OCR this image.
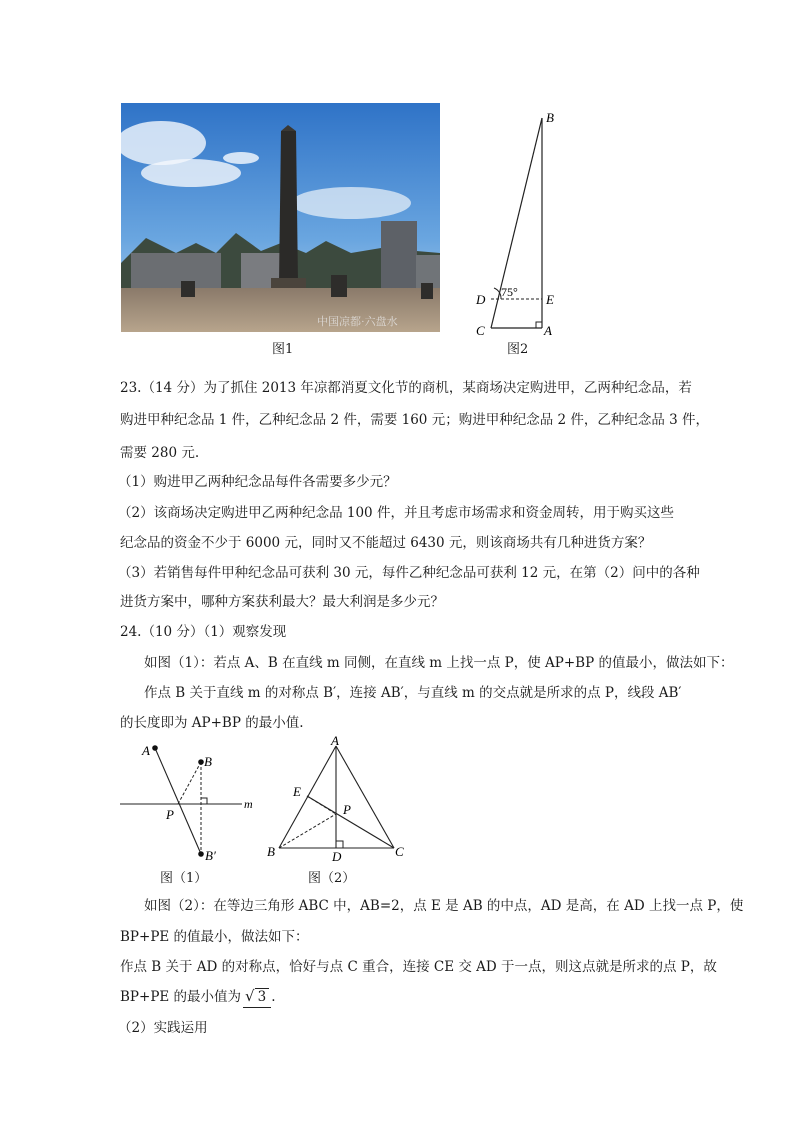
中国凉都·六盘水
图1
B
D 75° E
C	A
图2
23.（14 分）为了抓住 2013 年凉都消夏文化节的商机，某商场决定购进甲，乙两种纪念品，若
购进甲种纪念品 1 件，乙种纪念品 2 件，需要 160 元；购进甲种纪念品 2 件，乙种纪念品 3 件，
需要 280 元.
（1）购进甲乙两种纪念品每件各需要多少元？
（2）该商场决定购进甲乙两种纪念品 100 件，并且考虑市场需求和资金周转，用于购买这些
纪念品的资金不少于 6000 元，同时又不能超过 6430 元，则该商场共有几种进货方案？
（3）若销售每件甲种纪念品可获利 30 元，每件乙种纪念品可获利 12 元，在第（2）问中的各种
进货方案中，哪种方案获利最大？最大利润是多少元？
24.（10 分）（1）观察发现
如图（1）：若点 A、B 在直线 m 同侧，在直线 m 上找一点 P，使 AP+BP 的值最小，做法如下：
作点 B 关于直线 m 的对称点 B′，连接 AB′，与直线 m 的交点就是所求的点 P，线段 AB′
的长度即为 AP+BP 的最小值.
A
B
P
m
B′
图（1）
A
E
P
B	D	C
图（2）
如图（2）：在等边三角形 ABC 中，AB=2，点 E 是 AB 的中点，AD 是高，在 AD 上找一点 P，使
BP+PE 的值最小，做法如下：
作点 B 关于 AD 的对称点，恰好与点 C 重合，连接 CE 交 AD 于一点，则这点就是所求的点 P，故
BP+PE 的最小值为 √ 3 .
（2）实践运用
